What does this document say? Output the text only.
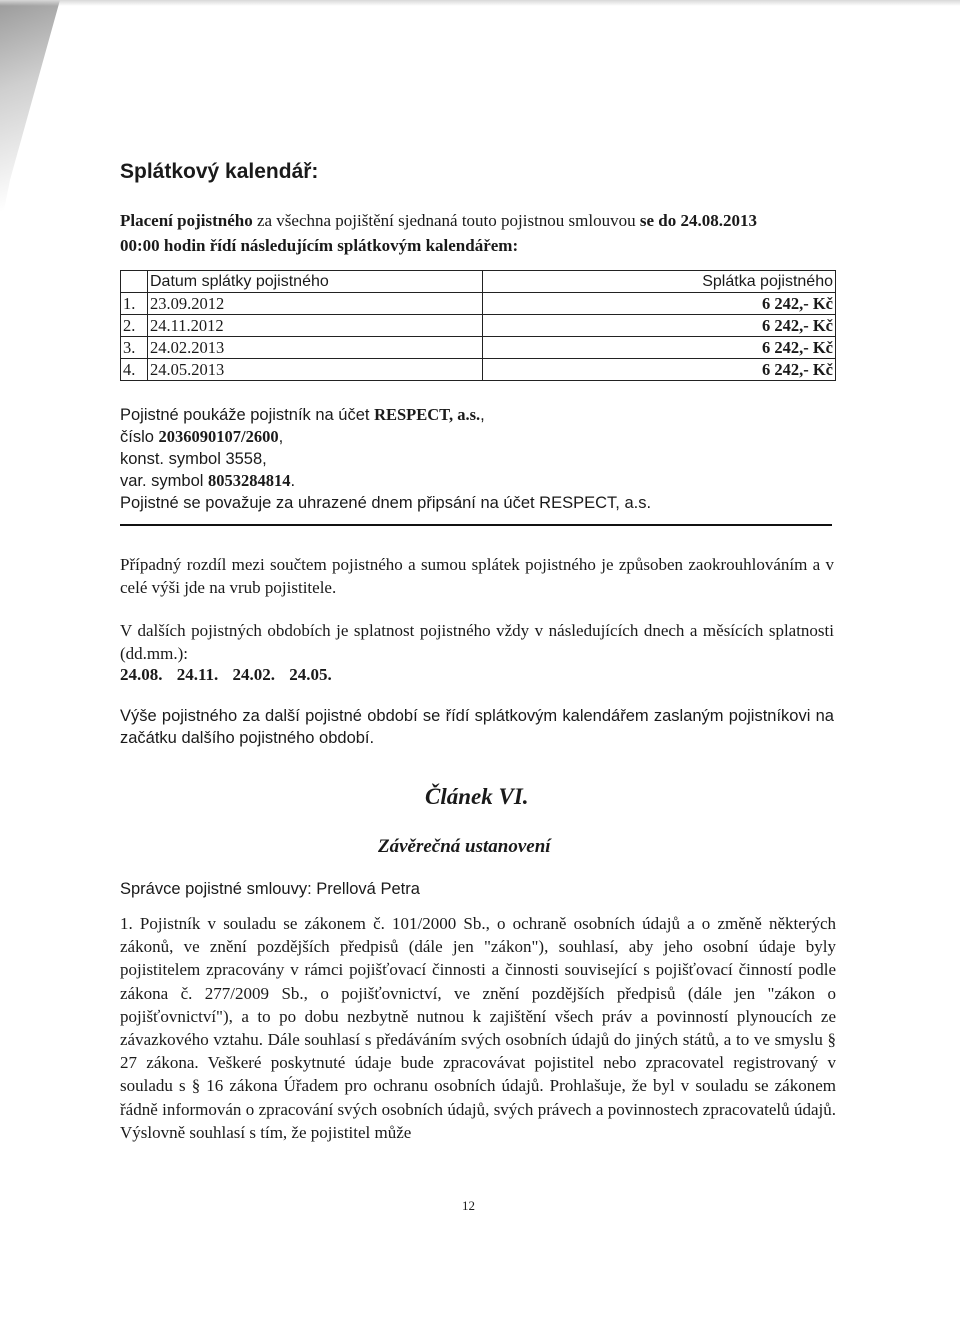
Splátkový kalendář:
Placení pojistného za všechna pojištění sjednaná touto pojistnou smlouvou se do 24.08.2013
00:00 hodin řídí následujícím splátkovým kalendářem:
	Datum splátky pojistného	Splátka pojistného
1.	23.09.2012	6 242,- Kč
2.	24.11.2012	6 242,- Kč
3.	24.02.2013	6 242,- Kč
4.	24.05.2013	6 242,- Kč
Pojistné poukáže pojistník na účet RESPECT, a.s.,
číslo 2036090107/2600,
konst. symbol 3558,
var. symbol 8053284814.
Pojistné se považuje za uhrazené dnem připsání na účet RESPECT, a.s.
Případný rozdíl mezi součtem pojistného a sumou splátek pojistného je způsoben zaokrouhlováním a v celé výši jde na vrub pojistitele.
V dalších pojistných obdobích je splatnost pojistného vždy v následujících dnech a měsících splatnosti (dd.mm.):
24.08. 24.11. 24.02. 24.05.
Výše pojistného za další pojistné období se řídí splátkovým kalendářem zaslaným pojistníkovi na začátku dalšího pojistného období.
Článek VI.
Závěrečná ustanovení
Správce pojistné smlouvy: Prellová Petra
1. Pojistník v souladu se zákonem č. 101/2000 Sb., o ochraně osobních údajů a o změně některých zákonů, ve znění pozdějších předpisů (dále jen "zákon"), souhlasí, aby jeho osobní údaje byly pojistitelem zpracovány v rámci pojišťovací činnosti a činnosti související s pojišťovací činností podle zákona č. 277/2009 Sb., o pojišťovnictví, ve znění pozdějších předpisů (dále jen "zákon o pojišťovnictví"), a to po dobu nezbytně nutnou k zajištění všech práv a povinností plynoucích ze závazkového vztahu. Dále souhlasí s předáváním svých osobních údajů do jiných států, a to ve smyslu § 27 zákona. Veškeré poskytnuté údaje bude zpracovávat pojistitel nebo zpracovatel registrovaný v souladu s § 16 zákona Úřadem pro ochranu osobních údajů. Prohlašuje, že byl v souladu se zákonem řádně informován o zpracování svých osobních údajů, svých právech a povinnostech zpracovatelů údajů. Výslovně souhlasí s tím, že pojistitel může
12
